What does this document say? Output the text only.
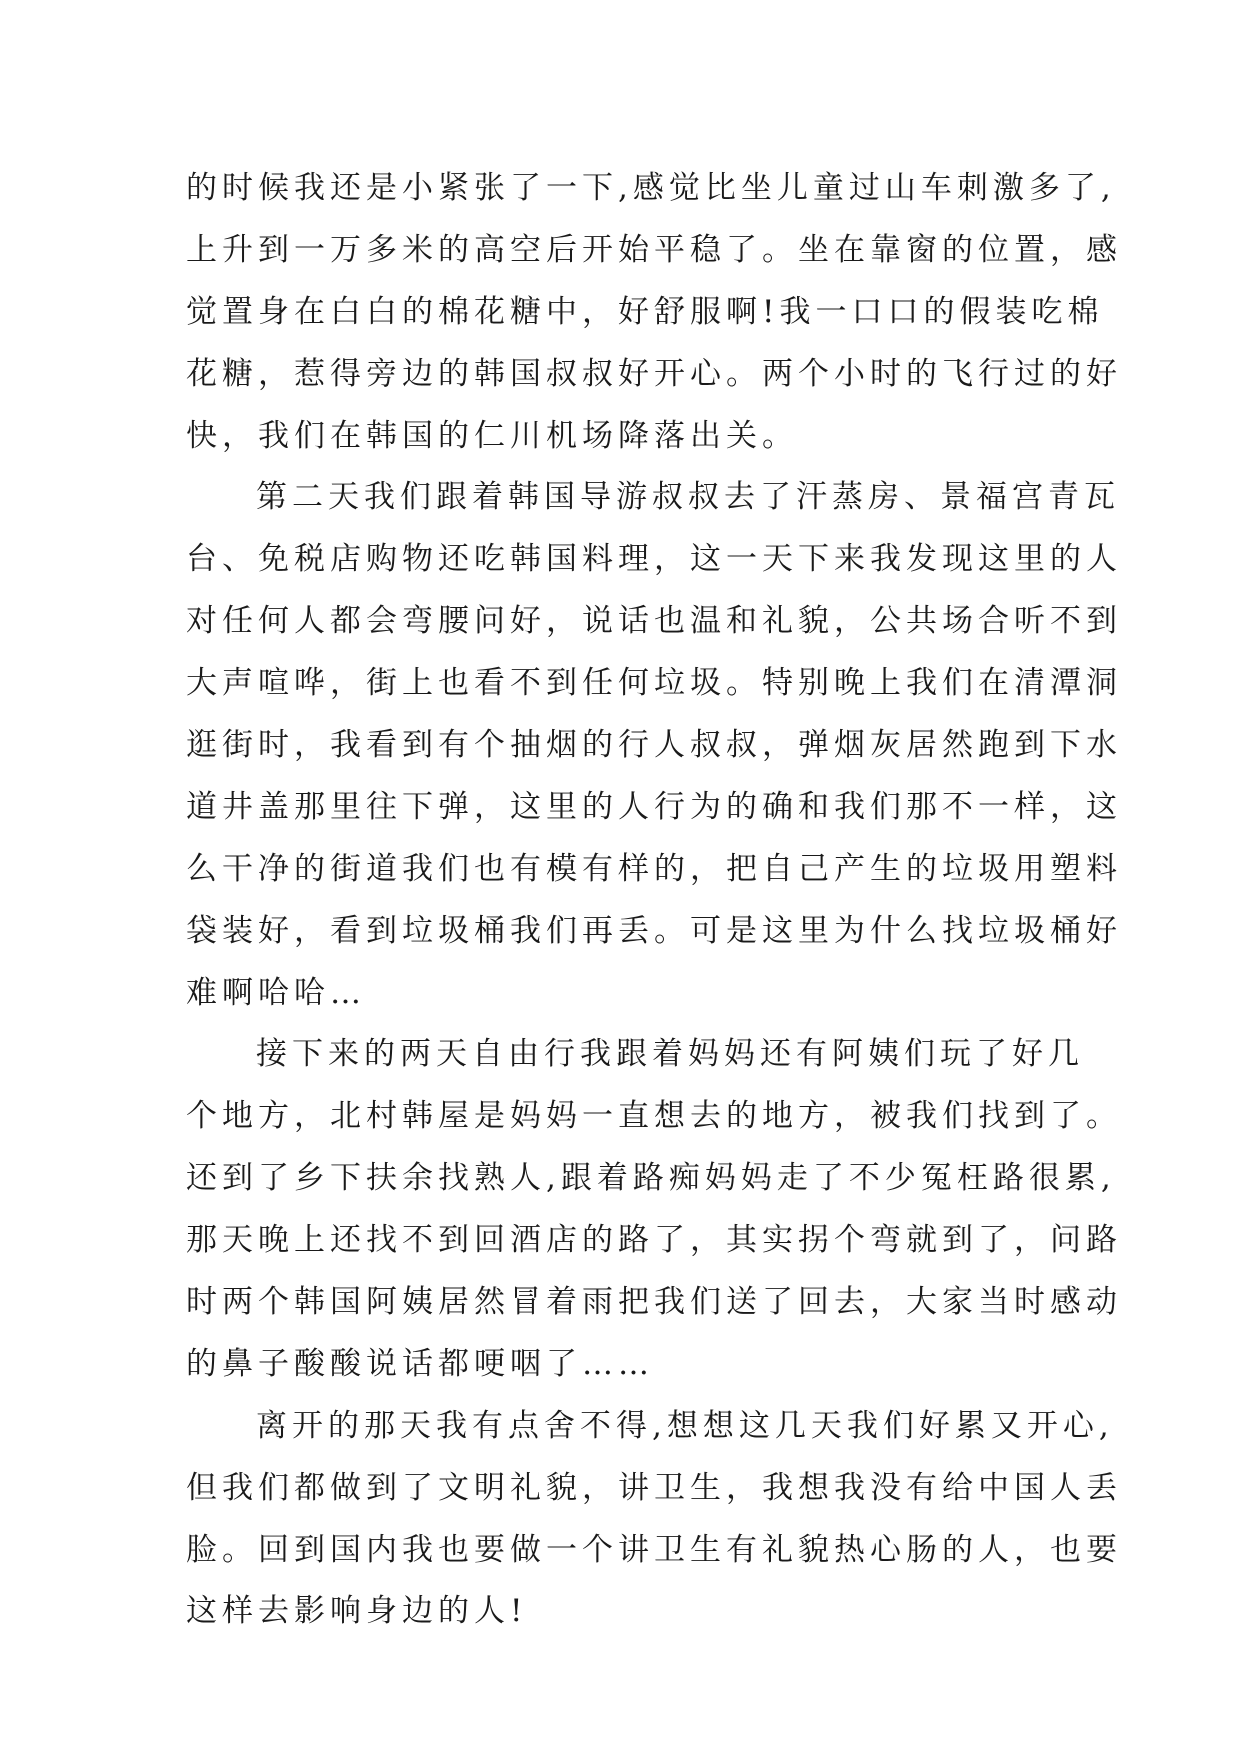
的时候我还是小紧张了一下,感觉比坐儿童过山车刺激多了,
上升到一万多米的高空后开始平稳了。坐在靠窗的位置，感
觉置身在白白的棉花糖中，好舒服啊!我一口口的假装吃棉
花糖，惹得旁边的韩国叔叔好开心。两个小时的飞行过的好
快，我们在韩国的仁川机场降落出关。
第二天我们跟着韩国导游叔叔去了汗蒸房、景福宫青瓦
台、免税店购物还吃韩国料理，这一天下来我发现这里的人
对任何人都会弯腰问好，说话也温和礼貌，公共场合听不到
大声喧哗，街上也看不到任何垃圾。特别晚上我们在清潭洞
逛街时，我看到有个抽烟的行人叔叔，弹烟灰居然跑到下水
道井盖那里往下弹，这里的人行为的确和我们那不一样，这
么干净的街道我们也有模有样的，把自己产生的垃圾用塑料
袋装好，看到垃圾桶我们再丢。可是这里为什么找垃圾桶好
难啊哈哈…
接下来的两天自由行我跟着妈妈还有阿姨们玩了好几
个地方，北村韩屋是妈妈一直想去的地方，被我们找到了。
还到了乡下扶余找熟人,跟着路痴妈妈走了不少冤枉路很累,
那天晚上还找不到回酒店的路了，其实拐个弯就到了，问路
时两个韩国阿姨居然冒着雨把我们送了回去，大家当时感动
的鼻子酸酸说话都哽咽了……
离开的那天我有点舍不得,想想这几天我们好累又开心,
但我们都做到了文明礼貌，讲卫生，我想我没有给中国人丢
脸。回到国内我也要做一个讲卫生有礼貌热心肠的人，也要
这样去影响身边的人!
